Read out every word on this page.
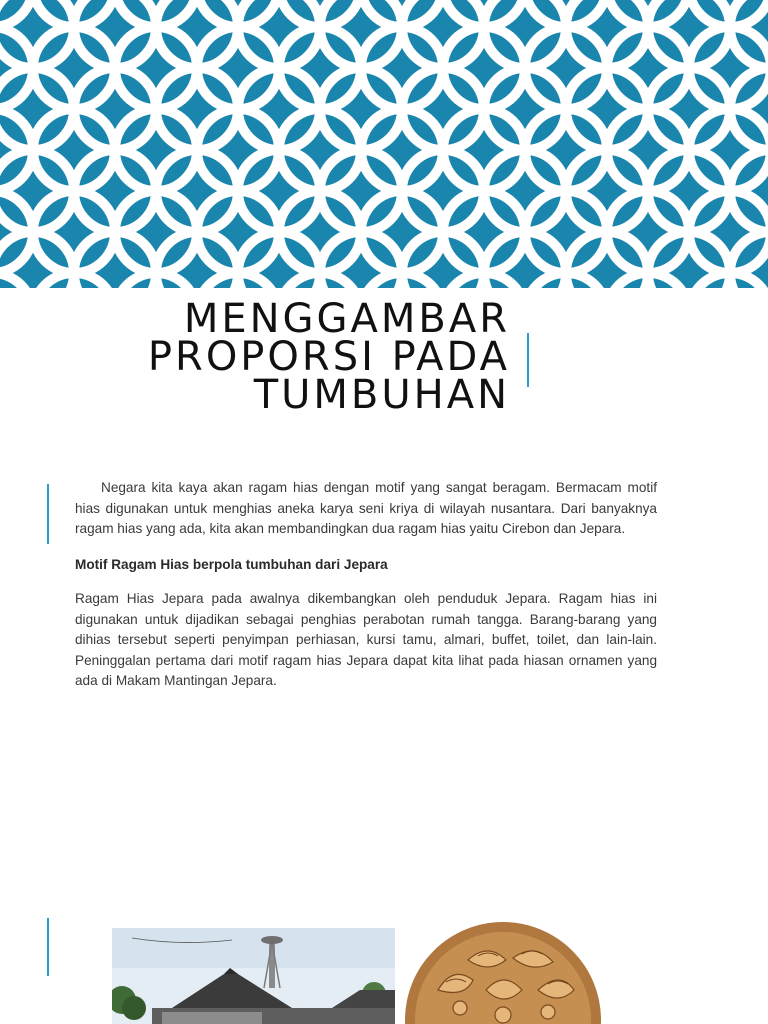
MENGGAMBAR
PROPORSI PADA
TUMBUHAN

Negara kita kaya akan ragam hias dengan motif yang sangat beragam. Bermacam motif hias digunakan untuk menghias aneka karya seni kriya di wilayah nusantara. Dari banyaknya ragam hias yang ada, kita akan membandingkan dua ragam hias yaitu Cirebon dan Jepara.

Motif Ragam Hias berpola tumbuhan dari Jepara

Ragam Hias Jepara pada awalnya dikembangkan oleh penduduk Jepara. Ragam hias ini digunakan untuk dijadikan sebagai penghias perabotan rumah tangga. Barang-barang yang dihias tersebut seperti penyimpan perhiasan, kursi tamu, almari, buffet, toilet, dan lain-lain. Peninggalan pertama dari motif ragam hias Jepara dapat kita lihat pada hiasan ornamen yang ada di Makam Mantingan Jepara.
